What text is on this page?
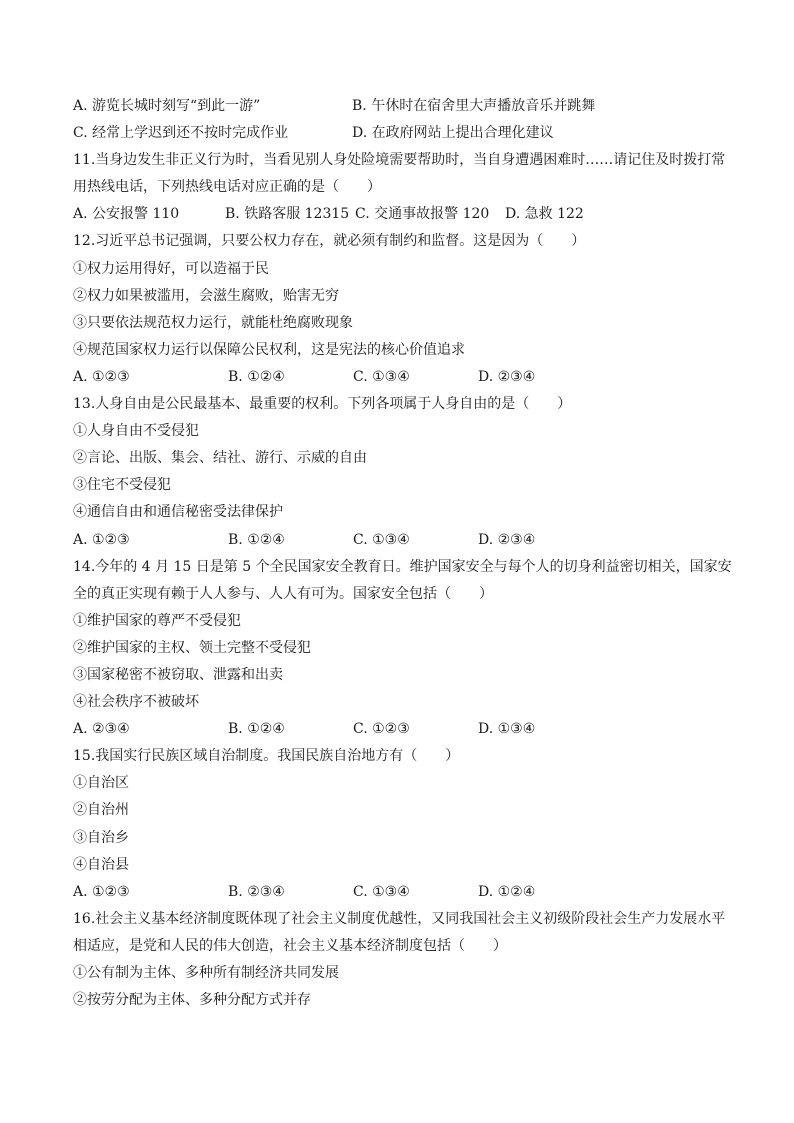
A. 游览长城时刻写“到此一游”	B. 午休时在宿舍里大声播放音乐并跳舞
C. 经常上学迟到还不按时完成作业	D. 在政府网站上提出合理化建议
11.当身边发生非正义行为时，当看见别人身处险境需要帮助时，当自身遭遇困难时……请记住及时拨打常
用热线电话，下列热线电话对应正确的是（　　）
A. 公安报警 110	B. 铁路客服 12315 C. 交通事故报警 120	D. 急救 122
12.习近平总书记强调，只要公权力存在，就必须有制约和监督。这是因为（　　）
①权力运用得好，可以造福于民
②权力如果被滥用，会滋生腐败，贻害无穷
③只要依法规范权力运行，就能杜绝腐败现象
④规范国家权力运行以保障公民权利，这是宪法的核心价值追求
A. ①②③	B. ①②④	C. ①③④	D. ②③④
13.人身自由是公民最基本、最重要的权利。下列各项属于人身自由的是（　　）
①人身自由不受侵犯
②言论、出版、集会、结社、游行、示威的自由
③住宅不受侵犯
④通信自由和通信秘密受法律保护
A. ①②③	B. ①②④	C. ①③④	D. ②③④
14.今年的 4 月 15 日是第 5 个全民国家安全教育日。维护国家安全与每个人的切身利益密切相关，国家安
全的真正实现有赖于人人参与、人人有可为。国家安全包括（　　）
①维护国家的尊严不受侵犯
②维护国家的主权、领土完整不受侵犯
③国家秘密不被窃取、泄露和出卖
④社会秩序不被破坏
A. ②③④	B. ①②④	C. ①②③	D. ①③④
15.我国实行民族区域自治制度。我国民族自治地方有（　　）
①自治区
②自治州
③自治乡
④自治县
A. ①②③	B. ②③④	C. ①③④	D. ①②④
16.社会主义基本经济制度既体现了社会主义制度优越性，又同我国社会主义初级阶段社会生产力发展水平
相适应，是党和人民的伟大创造，社会主义基本经济制度包括（　　）
①公有制为主体、多种所有制经济共同发展
②按劳分配为主体、多种分配方式并存
